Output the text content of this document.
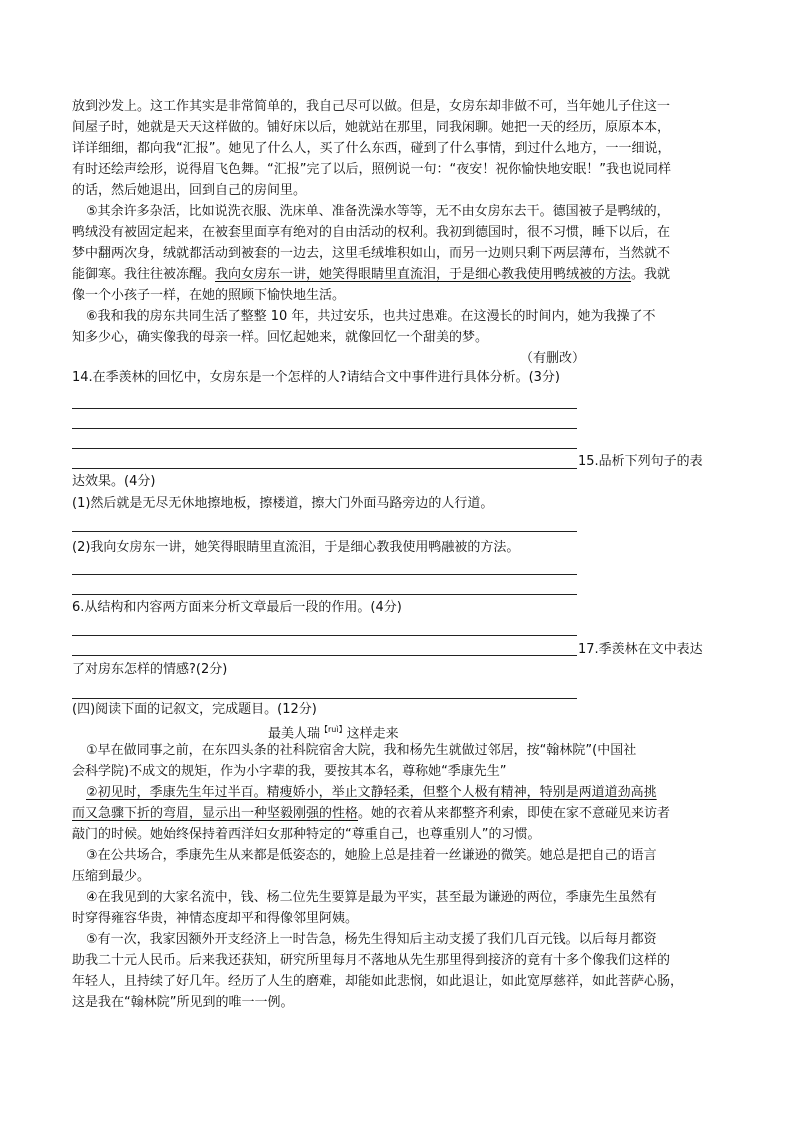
放到沙发上。这工作其实是非常简单的，我自己尽可以做。但是，女房东却非做不可，当年她儿子住这一
间屋子时，她就是天天这样做的。铺好床以后，她就站在那里，同我闲聊。她把一天的经历，原原本本，
详详细细，都向我“汇报”。她见了什么人，买了什么东西，碰到了什么事情，到过什么地方，一一细说，
有时还绘声绘形，说得眉飞色舞。“汇报”完了以后，照例说一句：“夜安！祝你愉快地安眠！”我也说同样
的话，然后她退出，回到自己的房间里。
⑤其余许多杂活，比如说洗衣服、洗床单、准备洗澡水等等，无不由女房东去干。德国被子是鸭绒的，
鸭绒没有被固定起来，在被套里面享有绝对的自由活动的权利。我初到德国时，很不习惯，睡下以后，在
梦中翻两次身，绒就都活动到被套的一边去，这里毛绒堆积如山，而另一边则只剩下两层薄布，当然就不
能御寒。我往往被冻醒。我向女房东一讲，她笑得眼睛里直流泪，于是细心教我使用鸭绒被的方法。我就
像一个小孩子一样，在她的照顾下愉快地生活。
⑥我和我的房东共同生活了整整 10 年，共过安乐，也共过患难。在这漫长的时间内，她为我操了不
知多少心，确实像我的母亲一样。回忆起她来，就像回忆一个甜美的梦。
（有删改）
14.在季羡林的回忆中，女房东是一个怎样的人?请结合文中事件进行具体分析。(3分)
15.品析下列句子的表
达效果。(4分)
(1)然后就是无尽无休地擦地板，擦楼道，擦大门外面马路旁边的人行道。
(2)我向女房东一讲，她笑得眼睛里直流泪，于是细心教我使用鸭融被的方法。
6.从结构和内容两方面来分析文章最后一段的作用。(4分)
17.季羡林在文中表达
了对房东怎样的情感?(2分)
(四)阅读下面的记叙文，完成题目。(12分)
最美人瑞$^{【ruì】}$这样走来
①早在做同事之前，在东四头条的社科院宿舍大院，我和杨先生就做过邻居，按“翰林院”(中国社
会科学院)不成文的规矩，作为小字辈的我，要按其本名，尊称她“季康先生”
②初见时，季康先生年过半百。精瘦娇小，举止文静轻柔，但整个人极有精神，特别是两道道劲高挑
而又急骤下折的弯眉，显示出一种坚毅刚强的性格。她的衣着从来都整齐利索，即使在家不意碰见来访者
敲门的时候。她始终保持着西洋妇女那种特定的“尊重自己，也尊重别人”的习惯。
③在公共场合，季康先生从来都是低姿态的，她脸上总是挂着一丝谦逊的微笑。她总是把自己的语言
压缩到最少。
④在我见到的大家名流中，钱、杨二位先生要算是最为平实，甚至最为谦逊的两位，季康先生虽然有
时穿得雍容华贵，神情态度却平和得像邻里阿姨。
⑤有一次，我家因额外开支经济上一时告急，杨先生得知后主动支援了我们几百元钱。以后每月都资
助我二十元人民币。后来我还获知，研究所里每月不落地从先生那里得到接济的竟有十多个像我们这样的
年轻人，且持续了好几年。经历了人生的磨难，却能如此悲悯，如此退让，如此宽厚慈祥，如此菩萨心肠，
这是我在“翰林院”所见到的唯一一例。
